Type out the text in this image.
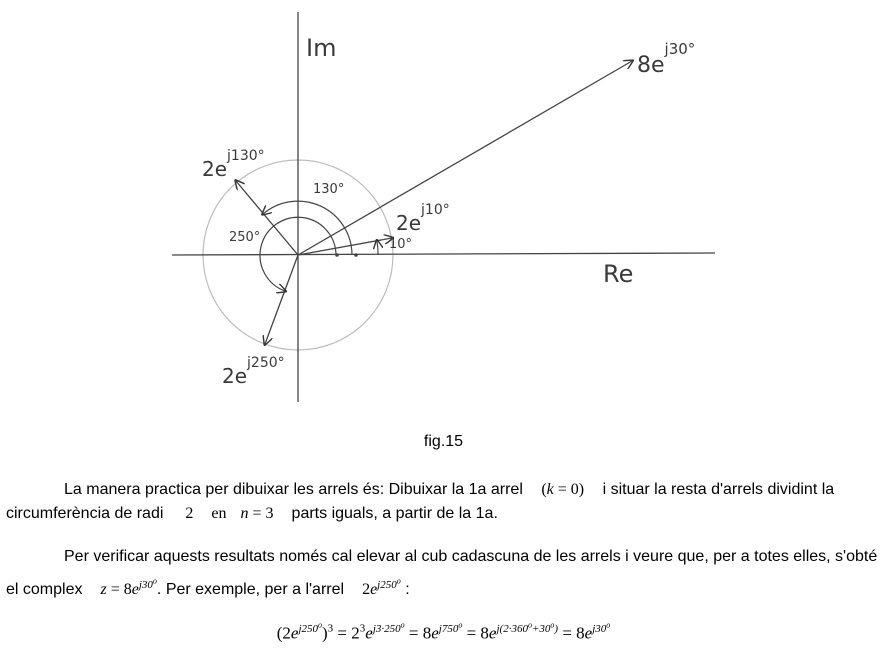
Im
Re
$8e^{j30^\circ}$
$2e^{j10^\circ}$
$2e^{j130^\circ}$
$2e^{j250^\circ}$
10°
130°
250°
fig.15
La manera practica per dibuixar les arrels és: Dibuixar la 1a arrel (k = 0) i situar la resta d'arrels dividint la circumferència de radi 2 en n = 3 parts iguals, a partir de la 1a.
Per verificar aquests resultats només cal elevar al cub cadascuna de les arrels i veure que, per a totes elles, s'obté el complex $z = 8e^{j30^o}$. Per exemple, per a l'arrel $2e^{j250^o}$ :
$(2e^{j250^o})^3 = 2^3e^{j3\cdot 250^o} = 8e^{j750^o} = 8e^{j(2\cdot 360^o+30^o)} = 8e^{j30^o}$
